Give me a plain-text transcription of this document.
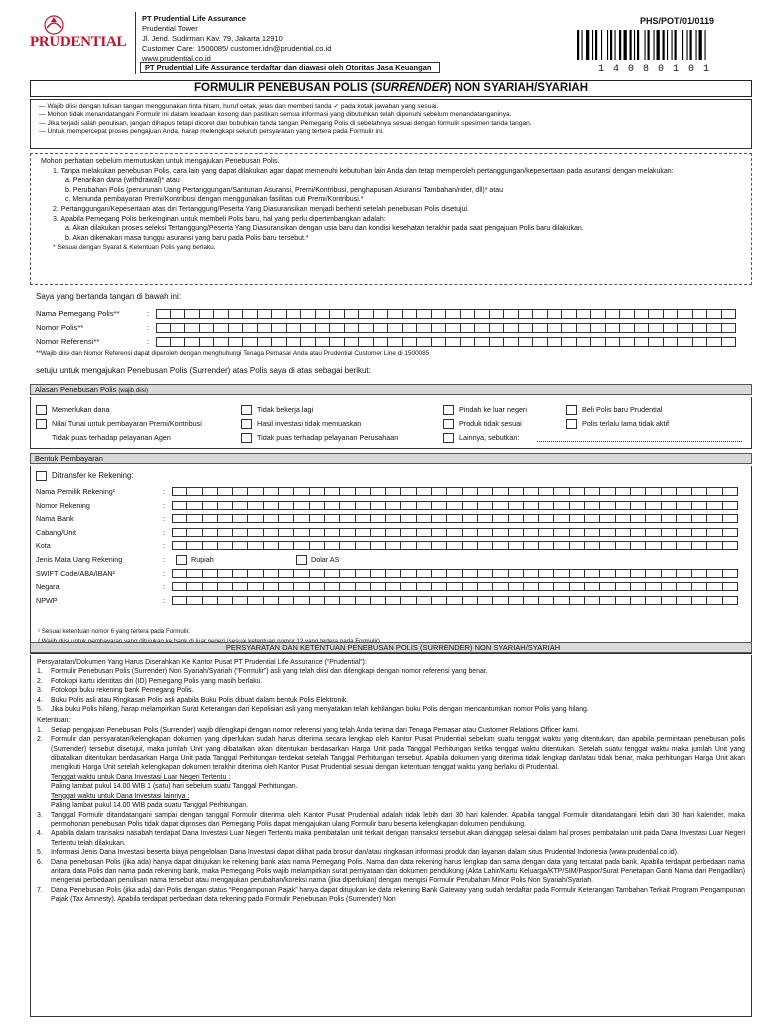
PRUDENTIAL
PT Prudential Life Assurance
Prudential Tower
Jl. Jend. Sudirman Kav. 79, Jakarta 12910
Customer Care: 1500085/ customer.idn@prudential.co.id
www.prudential.co.id
PT Prudential Life Assurance terdaftar dan diawasi oleh Otoritas Jasa Keuangan
PHS/POT/01/0119
14080101
FORMULIR PENEBUSAN POLIS (SURRENDER) NON SYARIAH/SYARIAH
— Wajib diisi dengan tulisan tangan menggunakan tinta hitam, huruf cetak, jelas dan memberi tanda ✓ pada kotak jawaban yang sesuai.
— Mohon tidak menandatangani Formulir ini dalam keadaan kosong dan pastikan semua informasi yang dibutuhkan telah dipenuhi sebelum menandatanganinya.
— Jika terjadi salah penulisan, jangan dihapus tetapi dicoret dan bubuhkan tanda tangan Pemegang Polis di sebelahnya sesuai dengan formulir spesimen tanda tangan.
— Untuk mempercepat proses pengajuan Anda, harap melengkapi seluruh persyaratan yang tertera pada Formulir ini.
Mohon perhatian sebelum memutuskan untuk mengajukan Penebusan Polis.
1. Tanpa melakukan penebusan Polis, cara lain yang dapat dilakukan agar dapat memenuhi kebutuhan lain Anda dan tetap memperoleh pertanggungan/kepesertaan pada asuransi dengan melakukan:
a. Penarikan dana (withdrawal)* atau
b. Perubahan Polis (penurunan Uang Pertanggungan/Santunan Asuransi, Premi/Kontribusi, penghapusan Asuransi Tambahan/rider, dll)* atau
c. Menunda pembayaran Premi/Kontribusi dengan menggunakan fasilitas cuti Premi/Kontribusi.*
2. Pertanggungan/Kepesertaan atas diri Tertanggung/Peserta Yang Diasuransikan menjadi berhenti setelah penebusan Polis disetujui.
3. Apabila Pemegang Polis berkeinginan untuk membeli Polis baru, hal yang perlu dipertimbangkan adalah:
a. Akan dilakukan proses seleksi Tertanggung/Peserta Yang Diasuransikan dengan usia baru dan kondisi kesehatan terakhir pada saat pengajuan Polis baru dilakukan.
b. Akan dikenakan masa tunggu asuransi yang baru pada Polis baru tersebut.*
* Sesuai dengan Syarat & Ketentuan Polis yang berlaku.
Saya yang bertanda tangan di bawah ini:
Nama Pemegang Polis**	:
Nomor Polis**	:
Nomor Referensi**	:
**Wajib diisi dan Nomor Referensi dapat diperoleh dengan menghubungi Tenaga Pemasar Anda atau Prudential Customer Line di 1500085
setuju untuk mengajukan Penebusan Polis (Surrender) atas Polis saya di atas sebagai berikut:
Alasan Penebusan Polis (wajib diisi)
Memerlukan dana	Tidak bekerja lagi	Pindah ke luar negeri	Beli Polis baru Prudential
Nilai Tunai untuk pembayaran Premi/Kontribusi	Hasil investasi tidak memuaskan	Produk tidak sesuai	Polis terlalu lama tidak aktif
Tidak puas terhadap pelayanan Agen	Tidak puas terhadap pelayanan Perusahaan	Lainnya, sebutkan:
Bentuk Pembayaran
Ditransfer ke Rekening:
Nama Pemilik Rekening¹	:
Nomor Rekening	:
Nama Bank	:
Cabang/Unit	:
Kota	:
Jenis Mata Uang Rekening	:	Rupiah	Dolar AS
SWIFT Code/ABA/IBAN²	:
Negara	:
NPWP	:
¹ Sesuai ketentuan nomor 6 yang tertera pada Formulir.
PERSYARATAN DAN KETENTUAN PENEBUSAN POLIS (SURRENDER) NON SYARIAH/SYARIAH
Persyaratan/Dokumen Yang Harus Diserahkan Ke Kantor Pusat PT Prudential Life Assurance (“Prudential”):
1.	Formulir Penebusan Polis (Surrender) Non Syariah/Syariah (“Formulir”) asli yang telah diisi dan dilengkapi dengan nomor referensi yang benar.
2.	Fotokopi kartu identitas diri (ID) Pemegang Polis yang masih berlaku.
3.	Fotokopi buku rekening bank Pemegang Polis.
4.	Buku Polis asli atau Ringkasan Polis asli apabila Buku Polis dibuat dalam bentuk Polis Elektronik.
5.	Jika buku Polis hilang, harap melampirkan Surat Keterangan dari Kepolisian asli yang menyatakan telah kehilangan buku Polis dengan mencantumkan nomor Polis yang hilang.
Ketentuan:
1.	Setiap pengajuan Penebusan Polis (Surrender) wajib dilengkapi dengan nomor referensi yang telah Anda terima dari Tenaga Pemasar atau Customer Relations Officer kami.
2.	Formulir dan persyaratan/kelengkapan dokumen yang diperlukan sudah harus diterima secara lengkap oleh Kantor Pusat Prudential sebelum suatu tenggat waktu yang ditentukan, dan apabila permintaan penebusan polis (Surrender) tersebut disetujui, maka jumlah Unit yang dibatalkan akan ditentukan berdasarkan Harga Unit pada Tanggal Perhitungan ketika tenggat waktu ditentukan. Setelah suatu tenggat waktu maka jumlah Unit yang dibatalkan ditentukan berdasarkan Harga Unit pada Tanggal Perhitungan terdekat setelah Tanggal Perhitungan tersebut. Apabila dokumen yang diterima tidak lengkap dan/atau tidak benar, maka perhitungan Harga Unit akan mengikuti Harga Unit setelah kelengkapan dokumen terakhir diterima oleh Kantor Pusat Prudential sesuai dengan ketentuan tenggat waktu yang berlaku di Prudential.
Tenggat waktu untuk Dana Investasi Luar Negeri Tertentu :
Paling lambat pukul 14.00 WIB 1 (satu) hari sebelum suatu Tanggal Perhitungan.
Tenggat waktu untuk Dana Investasi lainnya :
Paling lambat pukul 14.00 WIB pada suatu Tanggal Perhitungan.
3.	Tanggal Formulir ditandatangani sampai dengan tanggal Formulir diterima oleh Kantor Pusat Prudential adalah tidak lebih dari 30 hari kalender. Apabila tanggal Formulir ditandatangani lebih dari 30 hari kalender, maka permohonan penebusan Polis tidak dapat diproses dan Pemegang Polis dapat mengajukan ulang Formulir baru beserta kelengkapan dokumen pendukung.
4.	Apabila dalam transaksi nasabah terdapat Dana Investasi Luar Negeri Tertentu maka pembatalan unit terkait dengan transaksi tersebut akan dianggap selesai dalam hal proses pembatalan unit pada Dana Investasi Luar Negeri Tertentu telah dilakukan.
5.	Informasi Jenis Dana Investasi beserta biaya pengelolaan Dana Investasi dapat dilihat pada brosur dan/atau ringkasan informasi produk dan layanan dalam situs Prudential Indonesia (www.prudential.co.id).
6.	Dana penebusan Polis (jika ada) hanya dapat ditujukan ke rekening bank atas nama Pemegang Polis. Nama dan data rekening harus lengkap dan sama dengan data yang tercatat pada bank. Apabila terdapat perbedaan nama antara data Polis dan nama pada rekening bank, maka Pemegang Polis wajib melampirkan surat pernyataan dan dokumen pendukung (Akta Lahir/Kartu Keluarga/KTP/SIM/Paspor/Surat Penetapan Ganti Nama dari Pengadilan) mengenai perbedaan penulisan nama tersebut atau mengajukan perubahan/koreksi nama (jika diperlukan) dengan mengisi Formulir Perubahan Minor Polis Non Syariah/Syariah.
7.	Dana Penebusan Polis (jika ada) dari Polis dengan status “Pengampunan Pajak” hanya dapat ditujukan ke data rekening Bank Gateway yang sudah terdaftar pada Formulir Keterangan Tambahan Terkait Program Pengampunan Pajak (Tax Amnesty). Apabila terdapat perbedaan data rekening pada Formulir Penebusan Polis (Surrender) Non
